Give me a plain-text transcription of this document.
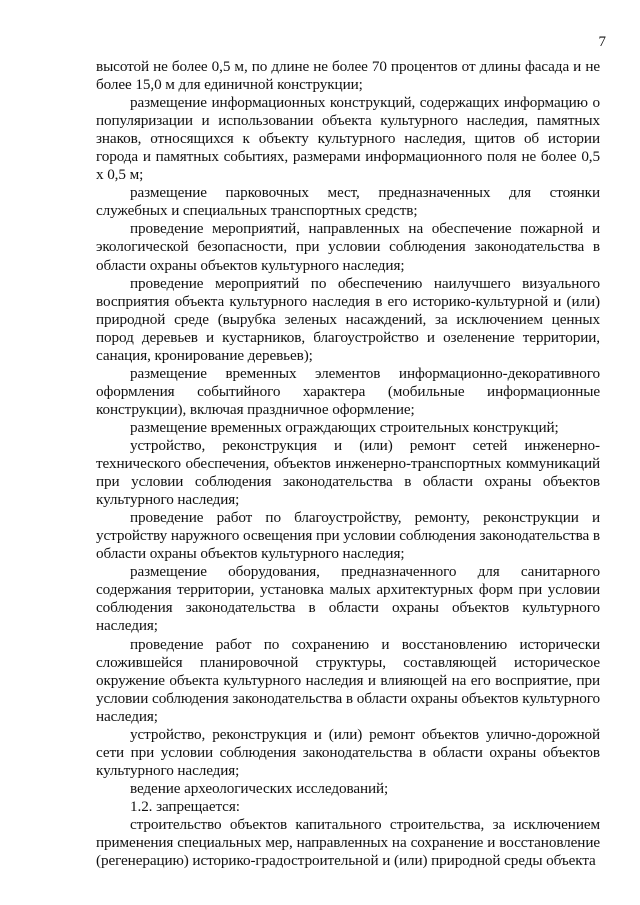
7

высотой не более 0,5 м, по длине не более 70 процентов от длины фасада и не более 15,0 м для единичной конструкции;

размещение информационных конструкций, содержащих информацию о популяризации и использовании объекта культурного наследия, памятных знаков, относящихся к объекту культурного наследия, щитов об истории города и памятных событиях, размерами информационного поля не более 0,5 х 0,5 м;

размещение парковочных мест, предназначенных для стоянки служебных и специальных транспортных средств;

проведение мероприятий, направленных на обеспечение пожарной и экологической безопасности, при условии соблюдения законодательства в области охраны объектов культурного наследия;

проведение мероприятий по обеспечению наилучшего визуального восприятия объекта культурного наследия в его историко-культурной и (или) природной среде (вырубка зеленых насаждений, за исключением ценных пород деревьев и кустарников, благоустройство и озеленение территории, санация, кронирование деревьев);

размещение временных элементов информационно-декоративного оформления событийного характера (мобильные информационные конструкции), включая праздничное оформление;

размещение временных ограждающих строительных конструкций;

устройство, реконструкция и (или) ремонт сетей инженерно-технического обеспечения, объектов инженерно-транспортных коммуникаций при условии соблюдения законодательства в области охраны объектов культурного наследия;

проведение работ по благоустройству, ремонту, реконструкции и устройству наружного освещения при условии соблюдения законодательства в области охраны объектов культурного наследия;

размещение оборудования, предназначенного для санитарного содержания территории, установка малых архитектурных форм при условии соблюдения законодательства в области охраны объектов культурного наследия;

проведение работ по сохранению и восстановлению исторически сложившейся планировочной структуры, составляющей историческое окружение объекта культурного наследия и влияющей на его восприятие, при условии соблюдения законодательства в области охраны объектов культурного наследия;

устройство, реконструкция и (или) ремонт объектов улично-дорожной сети при условии соблюдения законодательства в области охраны объектов культурного наследия;

ведение археологических исследований;

1.2. запрещается:

строительство объектов капитального строительства, за исключением применения специальных мер, направленных на сохранение и восстановление (регенерацию) историко-градостроительной и (или) природной среды объекта
